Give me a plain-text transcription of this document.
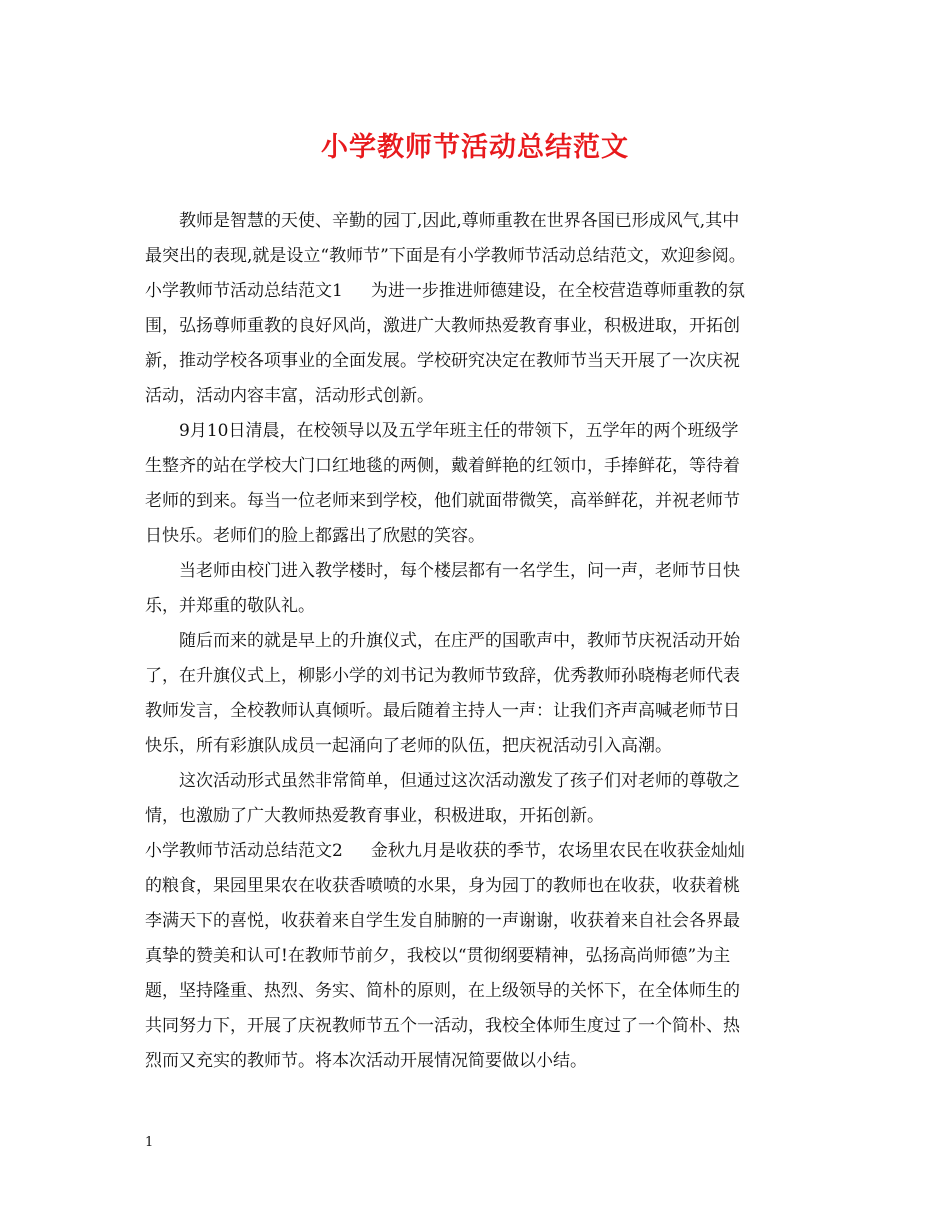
小学教师节活动总结范文
教师是智慧的天使、辛勤的园丁,因此,尊师重教在世界各国已形成风气,其中
最突出的表现,就是设立“教师节”下面是有小学教师节活动总结范文，欢迎参阅。
小学教师节活动总结范文1 为进一步推进师德建设，在全校营造尊师重教的氛
围，弘扬尊师重教的良好风尚，激进广大教师热爱教育事业，积极进取，开拓创
新，推动学校各项事业的全面发展。学校研究决定在教师节当天开展了一次庆祝
活动，活动内容丰富，活动形式创新。
9月10日清晨，在校领导以及五学年班主任的带领下，五学年的两个班级学
生整齐的站在学校大门口红地毯的两侧，戴着鲜艳的红领巾，手捧鲜花，等待着
老师的到来。每当一位老师来到学校，他们就面带微笑，高举鲜花，并祝老师节
日快乐。老师们的脸上都露出了欣慰的笑容。
当老师由校门进入教学楼时，每个楼层都有一名学生，问一声，老师节日快
乐，并郑重的敬队礼。
随后而来的就是早上的升旗仪式，在庄严的国歌声中，教师节庆祝活动开始
了，在升旗仪式上，柳影小学的刘书记为教师节致辞，优秀教师孙晓梅老师代表
教师发言，全校教师认真倾听。最后随着主持人一声：让我们齐声高喊老师节日
快乐，所有彩旗队成员一起涌向了老师的队伍，把庆祝活动引入高潮。
这次活动形式虽然非常简单，但通过这次活动激发了孩子们对老师的尊敬之
情，也激励了广大教师热爱教育事业，积极进取，开拓创新。
小学教师节活动总结范文2 金秋九月是收获的季节，农场里农民在收获金灿灿
的粮食，果园里果农在收获香喷喷的水果，身为园丁的教师也在收获，收获着桃
李满天下的喜悦，收获着来自学生发自肺腑的一声谢谢，收获着来自社会各界最
真挚的赞美和认可!在教师节前夕，我校以“贯彻纲要精神，弘扬高尚师德”为主
题，坚持隆重、热烈、务实、简朴的原则，在上级领导的关怀下，在全体师生的
共同努力下，开展了庆祝教师节五个一活动，我校全体师生度过了一个简朴、热
烈而又充实的教师节。将本次活动开展情况简要做以小结。
1
